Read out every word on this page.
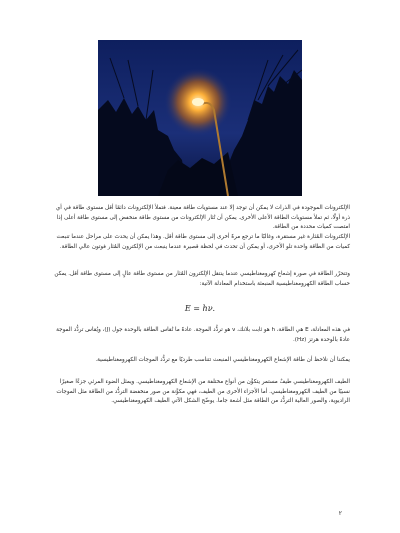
الإلكترونات الموجودة في الذرات لا يمكن أن توجد إلا عند مستويات طاقة معينة. فتملأ الإلكترونات دائمًا أقل مستوى طاقة في أي ذرة أولًا، ثم تملأ مستويات الطاقة الأعلى الأخرى. يمكن أن تُثار الإلكترونات من مستوى طاقة منخفض إلى مستوى طاقة أعلى إذا امتصت كميات محددة من الطاقة.
الإلكترونات المُثارة غير مستقرة، وغالبًا ما ترجع مرةً أخرى إلى مستوى طاقة أقل. وهذا يمكن أن يحدث على مراحل عندما تنبعث كميات من الطاقة واحدة تلو الأخرى، أو يمكن أن تحدث في لحظة قصيرة عندما ينبعث من الإلكترون المُثار فوتون عالي الطاقة.
وتتحرّر الطاقة في صورة إشعاع كهرومغناطيسي عندما ينتقل الإلكترون المُثار من مستوى طاقة عالٍ إلى مستوى طاقة أقل. يمكن حساب الطاقة الكهرومغناطيسية المنبعثة باستخدام المعادلة الآتية:
E = hν.
في هذه المعادلة، E هي الطاقة، h هو ثابت بلانك، ν هو تردُّد الموجة. عادةً ما تُقاس الطاقة بالوحدة جول (J)، ويُقاس تردُّد الموجة عادةً بالوحدة هرتز (Hz).
يمكننا أن نلاحظ أن طاقة الإشعاع الكهرومغناطيسي المنبعث تتناسب طرديًا مع تردُّد الموجات الكهرومغناطيسية.
الطيف الكهرومغناطيسي طيفٌ مستمر يتكوَّن من أنواع مختلفة من الإشعاع الكهرومغناطيسي. ويمثل الضوء المرئي جزءًا صغيرًا نسبيًا من الطيف الكهرومغناطيسي. أما الأجزاء الأخرى من الطيف، فهي مكوَّنة من صور منخفضة التردُّد من الطاقة مثل الموجات الراديوية، والصور العالية التردُّد من الطاقة مثل أشعة جاما. يوضّح الشكل الآتي الطيف الكهرومغناطيسي.
٢
